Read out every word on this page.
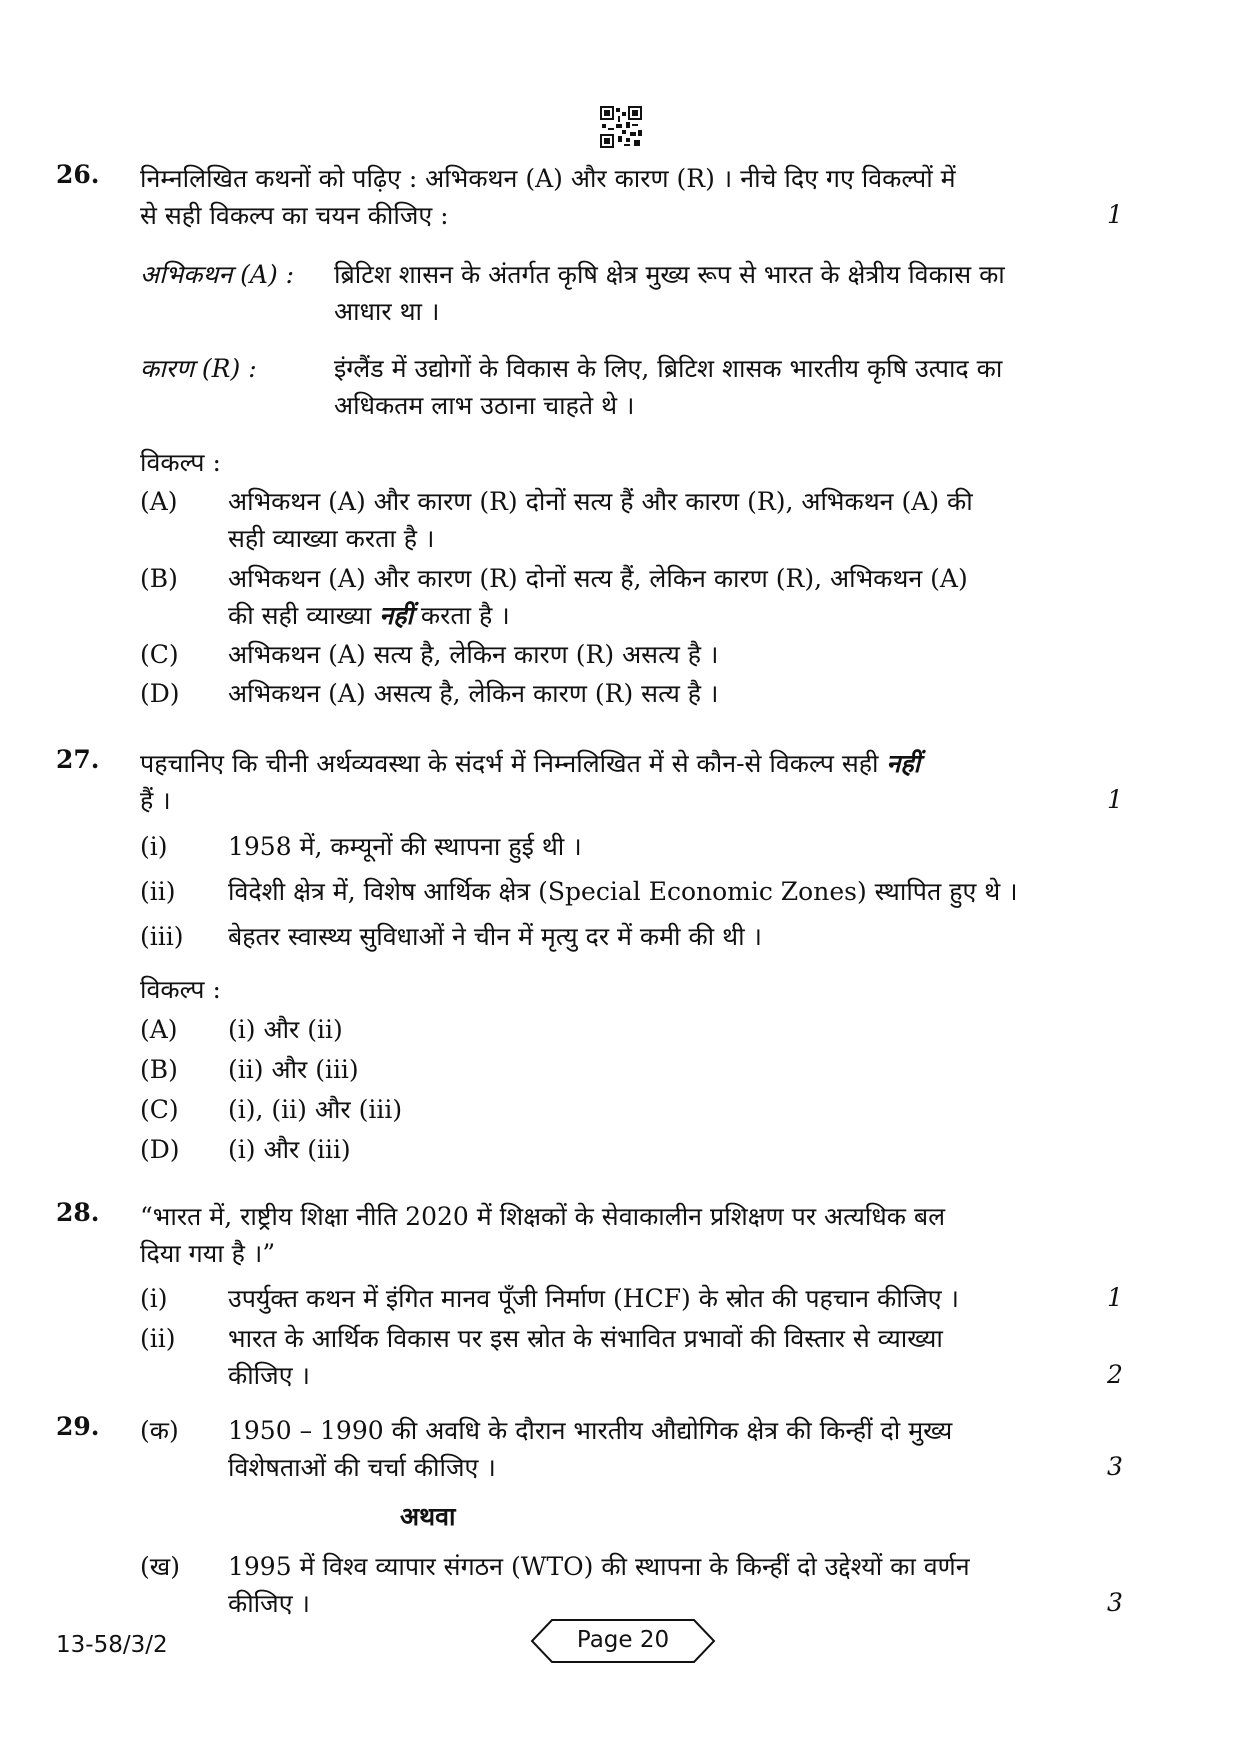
26. निम्नलिखित कथनों को पढ़िए : अभिकथन (A) और कारण (R) । नीचे दिए गए विकल्पों में
से सही विकल्प का चयन कीजिए :	1
अभिकथन (A) : ब्रिटिश शासन के अंतर्गत कृषि क्षेत्र मुख्य रूप से भारत के क्षेत्रीय विकास का
आधार था ।
कारण (R) :	इंग्लैंड में उद्योगों के विकास के लिए, ब्रिटिश शासक भारतीय कृषि उत्पाद का
अधिकतम लाभ उठाना चाहते थे ।
विकल्प :
(A) अभिकथन (A) और कारण (R) दोनों सत्य हैं और कारण (R), अभिकथन (A) की
सही व्याख्या करता है ।
(B) अभिकथन (A) और कारण (R) दोनों सत्य हैं, लेकिन कारण (R), अभिकथन (A)
की सही व्याख्या नहीं करता है ।
(C) अभिकथन (A) सत्य है, लेकिन कारण (R) असत्य है ।
(D) अभिकथन (A) असत्य है, लेकिन कारण (R) सत्य है ।
27. पहचानिए कि चीनी अर्थव्यवस्था के संदर्भ में निम्नलिखित में से कौन-से विकल्प सही नहीं
हैं ।	1
(i) 1958 में, कम्यूनों की स्थापना हुई थी ।
(ii) विदेशी क्षेत्र में, विशेष आर्थिक क्षेत्र (Special Economic Zones) स्थापित हुए थे ।
(iii) बेहतर स्वास्थ्य सुविधाओं ने चीन में मृत्यु दर में कमी की थी ।
विकल्प :
(A) (i) और (ii)
(B) (ii) और (iii)
(C) (i), (ii) और (iii)
(D) (i) और (iii)
28. “भारत में, राष्ट्रीय शिक्षा नीति 2020 में शिक्षकों के सेवाकालीन प्रशिक्षण पर अत्यधिक बल
दिया गया है ।”
(i) उपर्युक्त कथन में इंगित मानव पूँजी निर्माण (HCF) के स्रोत की पहचान कीजिए ।	1
(ii) भारत के आर्थिक विकास पर इस स्रोत के संभावित प्रभावों की विस्तार से व्याख्या
कीजिए ।	2
29. (क) 1950 – 1990 की अवधि के दौरान भारतीय औद्योगिक क्षेत्र की किन्हीं दो मुख्य
विशेषताओं की चर्चा कीजिए ।	3
अथवा
(ख) 1995 में विश्व व्यापार संगठन (WTO) की स्थापना के किन्हीं दो उद्देश्यों का वर्णन
कीजिए ।	3
13-58/3/2	Page 20
